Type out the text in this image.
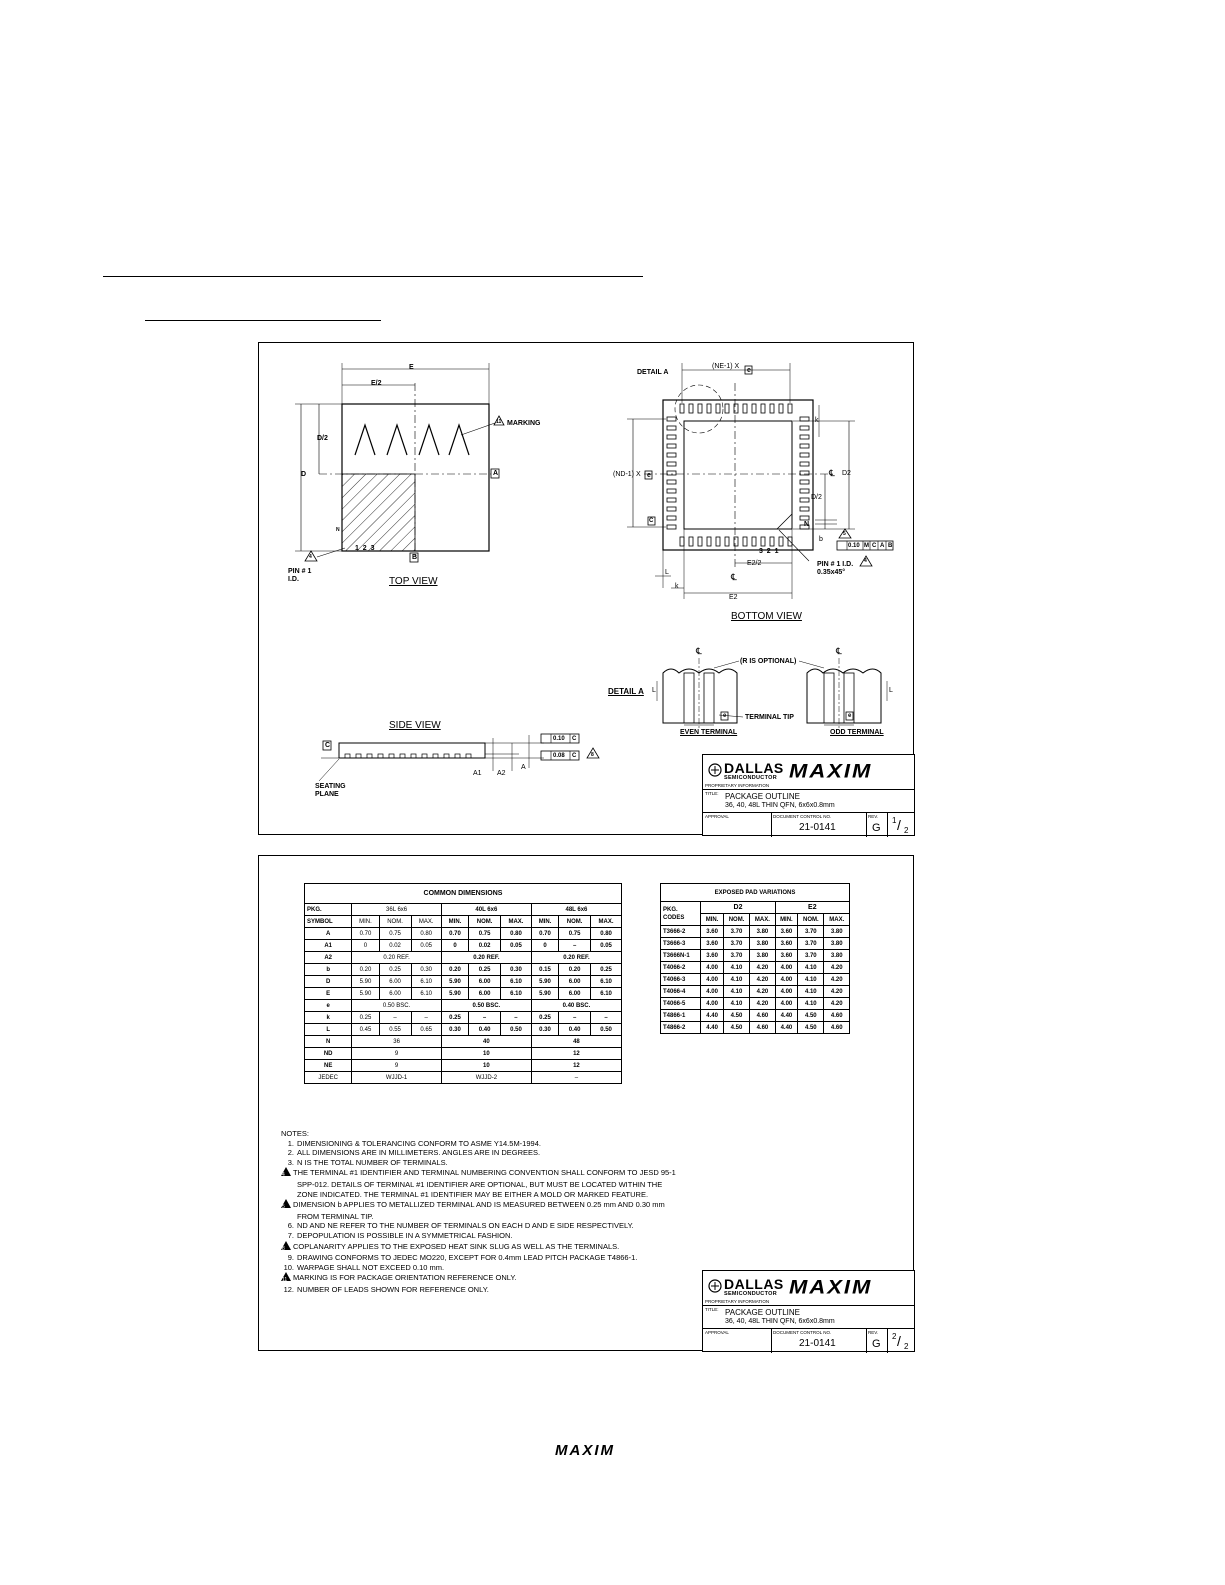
E
E/2
D/2
D	A
B
11 MARKING
N
1  2  3
4
PIN # 1
I.D.	TOP VIEW
(NE-1) X
e
DETAIL A
(ND-1) X e	℄ D2
D/2
k
N
b
5
0.10 M C A B
3  2  1
PIN # 1 I.D. 4
0.35x45°
E2/2
℄
E2
L
k
C
BOTTOM VIEW
℄	℄
(R IS OPTIONAL)
DETAIL A L	L
e	e
TERMINAL TIP
EVEN TERMINAL	ODD TERMINAL
SIDE VIEW
C
SEATING
PLANE
A1 A2
A
0.10 C
0.08 C	8
DALLAS
SEMICONDUCTOR MAXIM
PROPRIETARY INFORMATION
TITLE: PACKAGE OUTLINE
36, 40, 48L THIN QFN, 6x6x0.8mm
APPROVAL	DOCUMENT CONTROL NO.	REV.
21-0141	G
1 / 2
COMMON DIMENSIONS									
PKG.	36L 6x6			40L 6x6			48L 6x6		
SYMBOL	MIN.	NOM.	MAX.	MIN.	NOM.	MAX.	MIN.	NOM.	MAX.
A	0.70	0.75	0.80	0.70	0.75	0.80	0.70	0.75	0.80
A1	0	0.02	0.05	0	0.02	0.05	0	–	0.05
A2	0.20 REF.			0.20 REF.			0.20 REF.		
b	0.20	0.25	0.30	0.20	0.25	0.30	0.15	0.20	0.25
D	5.90	6.00	6.10	5.90	6.00	6.10	5.90	6.00	6.10
E	5.90	6.00	6.10	5.90	6.00	6.10	5.90	6.00	6.10
e	0.50 BSC.			0.50 BSC.			0.40 BSC.		
k	0.25	–	–	0.25	–	–	0.25	–	–
L	0.45	0.55	0.65	0.30	0.40	0.50	0.30	0.40	0.50
N	36			40			48		
ND	9			10			12		
NE	9			10			12		
JEDEC	WJJD-1			WJJD-2			–		
EXPOSED PAD VARIATIONS						
PKG.
CODES	D2			E2		
	MIN.	NOM.	MAX.	MIN.	NOM.	MAX.
T3666-2	3.60	3.70	3.80	3.60	3.70	3.80
T3666-3	3.60	3.70	3.80	3.60	3.70	3.80
T3666N-1	3.60	3.70	3.80	3.60	3.70	3.80
T4066-2	4.00	4.10	4.20	4.00	4.10	4.20
T4066-3	4.00	4.10	4.20	4.00	4.10	4.20
T4066-4	4.00	4.10	4.20	4.00	4.10	4.20
T4066-5	4.00	4.10	4.20	4.00	4.10	4.20
T4866-1	4.40	4.50	4.60	4.40	4.50	4.60
T4866-2	4.40	4.50	4.60	4.40	4.50	4.60
NOTES:
1. DIMENSIONING & TOLERANCING CONFORM TO ASME Y14.5M-1994.
2. ALL DIMENSIONS ARE IN MILLIMETERS. ANGLES ARE IN DEGREES.
3. N IS THE TOTAL NUMBER OF TERMINALS.
4 THE TERMINAL #1 IDENTIFIER AND TERMINAL NUMBERING CONVENTION SHALL CONFORM TO JESD 95-1
SPP-012. DETAILS OF TERMINAL #1 IDENTIFIER ARE OPTIONAL, BUT MUST BE LOCATED WITHIN THE
ZONE INDICATED. THE TERMINAL #1 IDENTIFIER MAY BE EITHER A MOLD OR MARKED FEATURE.
5 DIMENSION b APPLIES TO METALLIZED TERMINAL AND IS MEASURED BETWEEN 0.25 mm AND 0.30 mm
FROM TERMINAL TIP.
6. ND AND NE REFER TO THE NUMBER OF TERMINALS ON EACH D AND E SIDE RESPECTIVELY.
7. DEPOPULATION IS POSSIBLE IN A SYMMETRICAL FASHION.
8 COPLANARITY APPLIES TO THE EXPOSED HEAT SINK SLUG AS WELL AS THE TERMINALS.
9. DRAWING CONFORMS TO JEDEC MO220, EXCEPT FOR 0.4mm LEAD PITCH PACKAGE T4866-1.
10. WARPAGE SHALL NOT EXCEED 0.10 mm.
11 MARKING IS FOR PACKAGE ORIENTATION REFERENCE ONLY.
12. NUMBER OF LEADS SHOWN FOR REFERENCE ONLY.	DALLAS
SEMICONDUCTOR MAXIM
PROPRIETARY INFORMATION
TITLE: PACKAGE OUTLINE
36, 40, 48L THIN QFN, 6x6x0.8mm
APPROVAL	DOCUMENT CONTROL NO.	REV.
21-0141	G
2 / 2
MAXIM
